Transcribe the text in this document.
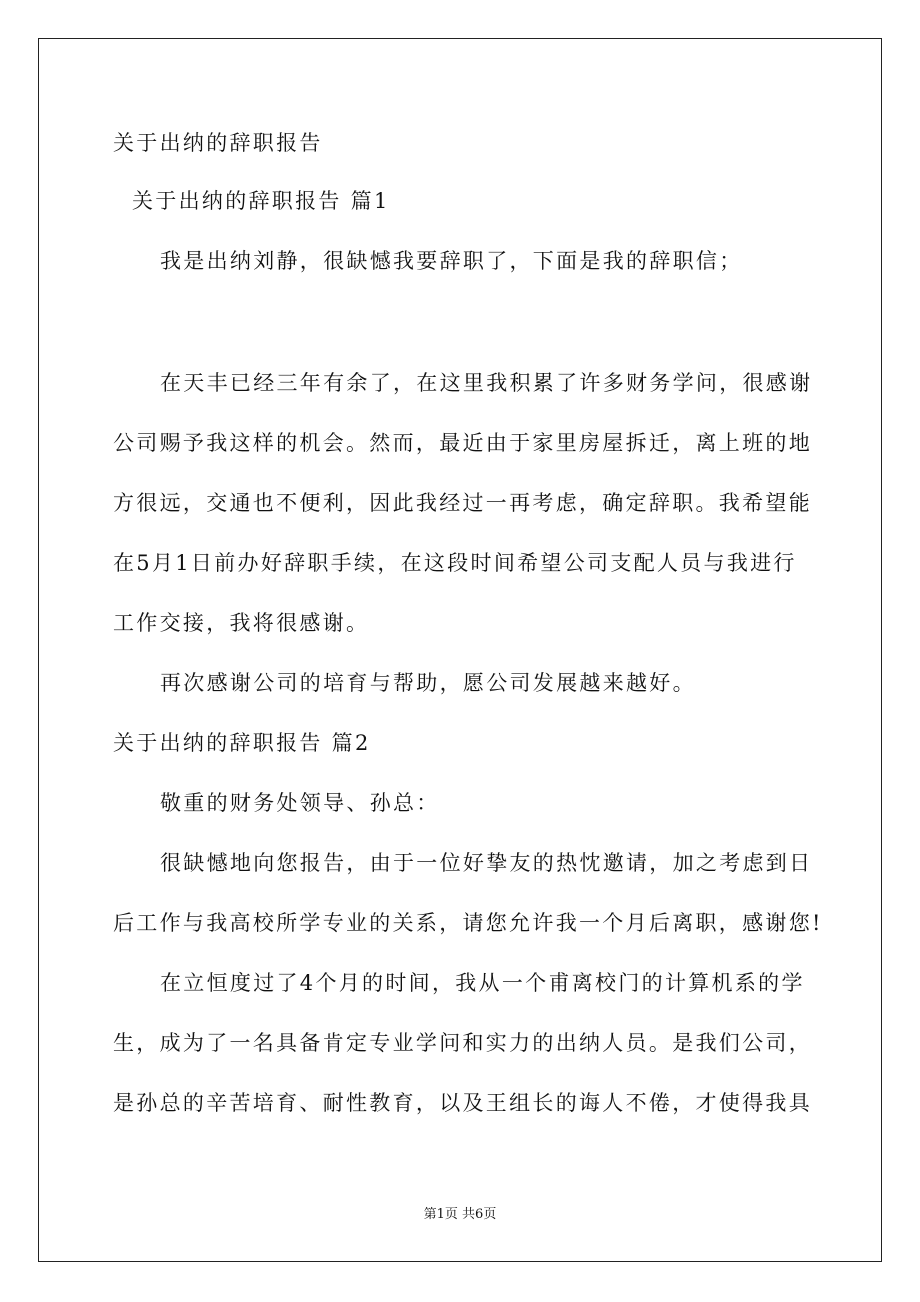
关于出纳的辞职报告
关于出纳的辞职报告 篇1
我是出纳刘静，很缺憾我要辞职了，下面是我的辞职信；
在天丰已经三年有余了，在这里我积累了许多财务学问，很感谢
公司赐予我这样的机会。然而，最近由于家里房屋拆迁，离上班的地
方很远，交通也不便利，因此我经过一再考虑，确定辞职。我希望能
在5月1日前办好辞职手续，在这段时间希望公司支配人员与我进行
工作交接，我将很感谢。
再次感谢公司的培育与帮助，愿公司发展越来越好。
关于出纳的辞职报告 篇2
敬重的财务处领导、孙总：
很缺憾地向您报告，由于一位好挚友的热忱邀请，加之考虑到日
后工作与我高校所学专业的关系，请您允许我一个月后离职，感谢您!
在立恒度过了4个月的时间，我从一个甫离校门的计算机系的学
生，成为了一名具备肯定专业学问和实力的出纳人员。是我们公司，
是孙总的辛苦培育、耐性教育，以及王组长的诲人不倦，才使得我具
第1页 共6页
